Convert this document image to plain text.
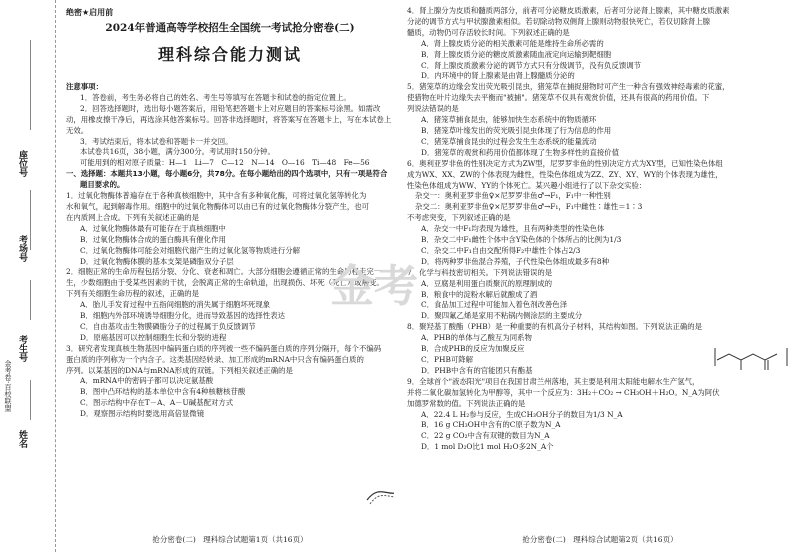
座位号
考场号
考生号
姓名
金考卷·百校联盟
绝密★启用前
2024年普通高等学校招生全国统一考试抢分密卷(二)
理科综合能力测试
注意事项：
1．答卷前，考生务必将自己的姓名、考生号等填写在答题卡和试卷的指定位置上。
2．回答选择题时，选出每小题答案后，用铅笔把答题卡上对应题目的答案标号涂黑。如需改
动，用橡皮擦干净后，再选涂其他答案标号。回答非选择题时，将答案写在答题卡上，写在本试卷上
无效。
3．考试结束后，将本试卷和答题卡一并交回。
本试卷共16页，38小题，满分300分。考试用时150分钟。
可能用到的相对原子质量：H—1　Li—7　C—12　N—14　O—16　Ti—48　Fe—56
一、选择题：本题共13小题，每小题6分，共78分。在每小题给出的四个选项中，只有一项是符合
题目要求的。
1．过氧化物酶体普遍存在于各种真核细胞中，其中含有多种氧化酶，可将过氧化氢等转化为
水和氧气，起到解毒作用。细胞中的过氧化物酶体可以由已有的过氧化物酶体分裂产生，也可
在内质网上合成。下列有关叙述正确的是
A．过氧化物酶体最有可能存在于真核细胞中
B．过氧化物酶体合成的蛋白酶具有催化作用
C．过氧化物酶体可能会对细胞代谢产生的过氧化氢等物质进行分解
D．过氧化物酶体膜的基本支架是磷脂双分子层
2．细胞正常的生命历程包括分裂、分化、衰老和凋亡。大部分细胞会遵循正常的生命历程走完一
生，少数细胞由于受某些因素的干扰，会脱离正常的生命轨道，出现损伤、坏死（死亡）或癌变。
下列有关细胞生命历程的叙述，正确的是
A．胎儿手发育过程中五指间细胞的消失属于细胞坏死现象
B．细胞内外部环境诱导细胞分化，进而导致基因的选择性表达
C．自由基攻击生物膜磷脂分子的过程属于负反馈调节
D．原癌基因可以控制细胞生长和分裂的进程
3．研究者发现真核生物基因中编码蛋白质的序列被一些不编码蛋白质的序列分隔开，每个不编码
蛋白质的序列称为一个内含子。这类基因经转录、加工形成的mRNA中只含有编码蛋白质的
序列。以某基因的DNA与mRNA形成的双链。下列相关叙述正确的是
A．mRNA中的密码子都可以决定氨基酸
B．图中凸环结构的基本单位中含有4种核糖核苷酸
C．图示结构中存在T－A、A－U碱基配对方式
D．观察图示结构时要选用高倍显微镜
抢分密卷(二)　理科综合试题第1页（共16页）
4．肾上腺分为皮质和髓质两部分，前者可分泌糖皮质激素，后者可分泌肾上腺素，其中糖皮质激素
分泌的调节方式与甲状腺激素相似。若切除动物双侧肾上腺则动物很快死亡，若仅切除肾上腺
髓质，动物仍可存活较长时间。下列叙述正确的是
A．肾上腺皮质分泌的相关激素可能是维持生命所必需的
B．肾上腺皮质分泌的糖皮质激素随血液定向运输到靶细胞
C．肾上腺皮质激素分泌的调节方式只有分级调节，没有负反馈调节
D．内环境中的肾上腺素是由肾上腺髓质分泌的
5．猪笼草的边缘会发出荧光吸引昆虫，猪笼草在捕捉猎物时可产生一种含有强效神经毒素的花蜜，
使猎物在叶片边缘失去平衡而"被捕"。猪笼草不仅具有观赏价值，还具有很高的药用价值。下
列说法错误的是
A．猪笼草捕食昆虫，能够加快生态系统中的物质循环
B．猪笼草叶缘发出的荧光吸引昆虫体现了行为信息的作用
C．猪笼草捕食昆虫的过程会发生生态系统的能量流动
D．猪笼草的观赏和药用价值都体现了生物多样性的直接价值
6．奥利亚罗非鱼的性别决定方式为ZW型，尼罗罗非鱼的性别决定方式为XY型，已知性染色体组
成为WX、XX、ZW的个体表现为雌性，性染色体组成为ZZ、ZY、XY、WY的个体表现为雄性，
性染色体组成为WW、YY的个体死亡。某兴趣小组进行了以下杂交实验：
杂交一：奥利亚罗非鱼♀×尼罗罗非鱼♂→F₁，F₁中一种性别
杂交二：奥利亚罗非鱼♀×尼罗罗非鱼♂→F₁，F₁中雌性∶雄性＝1∶3
不考虑突变，下列叙述正确的是
A．杂交一中F₁均表现为雄性，且有两种类型的性染色体
B．杂交二中F₁雌性个体中含Y染色体的个体所占的比例为1/3
C．杂交二中F₁自由交配所得F₂中雄性个体占2/3
D．将两种罗非鱼混合养殖，子代性染色体组成最多有8种
7．化学与科技密切相关。下列说法错误的是
A．豆腐是利用蛋白质聚沉的原理制成的
B．粮食中的淀粉水解后就酿成了酒
C．食品加工过程中可能加入着色剂改善色泽
D．聚四氟乙烯是家用不粘锅内侧涂层的主要成分
8．聚羟基丁酸酯（PHB）是一种重要的有机高分子材料，其结构如图。下列说法正确的是
A．PHB的单体与乙酸互为同系物
B．合成PHB的反应为加聚反应
C．PHB可降解
D．PHB中含有的官能团只有酯基
9．全球首个"液态阳光"项目在我国甘肃兰州落地，其主要是利用太阳能电解水生产氢气，
并将二氧化碳加氢转化为甲醇等，其中一个反应为：3H₂＋CO₂ → CH₃OH＋H₂O。N_A为阿伏
加德罗常数的值。下列说法正确的是
A．22.4 L H₂参与反应，生成CH₃OH分子的数目为1/3 N_A
B．16 g CH₃OH中含有的C原子数为N_A
C．22 g CO₂中含有双键的数目为N_A
D．1 mol D₂O比1 mol H₂O多2N_A个
抢分密卷(二)　理科综合试题第2页（共16页）
金考
